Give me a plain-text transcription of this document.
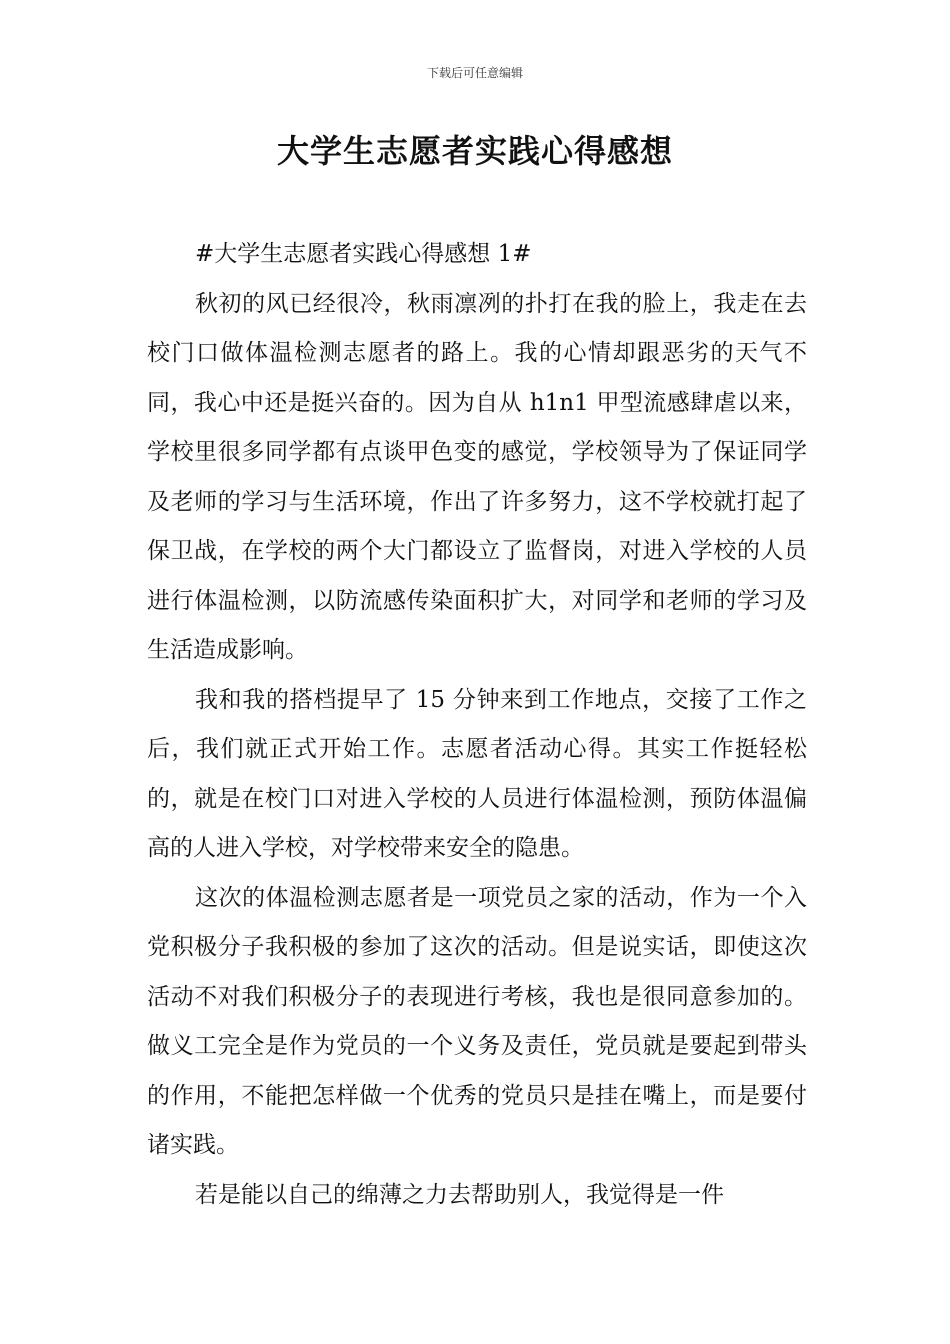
下载后可任意编辑
大学生志愿者实践心得感想

#大学生志愿者实践心得感想 1#

秋初的风已经很冷，秋雨凛冽的扑打在我的脸上，我走在去校门口做体温检测志愿者的路上。我的心情却跟恶劣的天气不同，我心中还是挺兴奋的。因为自从 h1n1 甲型流感肆虐以来，学校里很多同学都有点谈甲色变的感觉，学校领导为了保证同学及老师的学习与生活环境，作出了许多努力，这不学校就打起了保卫战，在学校的两个大门都设立了监督岗，对进入学校的人员进行体温检测，以防流感传染面积扩大，对同学和老师的学习及生活造成影响。

我和我的搭档提早了 15 分钟来到工作地点，交接了工作之后，我们就正式开始工作。志愿者活动心得。其实工作挺轻松的，就是在校门口对进入学校的人员进行体温检测，预防体温偏高的人进入学校，对学校带来安全的隐患。

这次的体温检测志愿者是一项党员之家的活动，作为一个入党积极分子我积极的参加了这次的活动。但是说实话，即使这次活动不对我们积极分子的表现进行考核，我也是很同意参加的。做义工完全是作为党员的一个义务及责任，党员就是要起到带头的作用，不能把怎样做一个优秀的党员只是挂在嘴上，而是要付诸实践。

若是能以自己的绵薄之力去帮助别人，我觉得是一件
